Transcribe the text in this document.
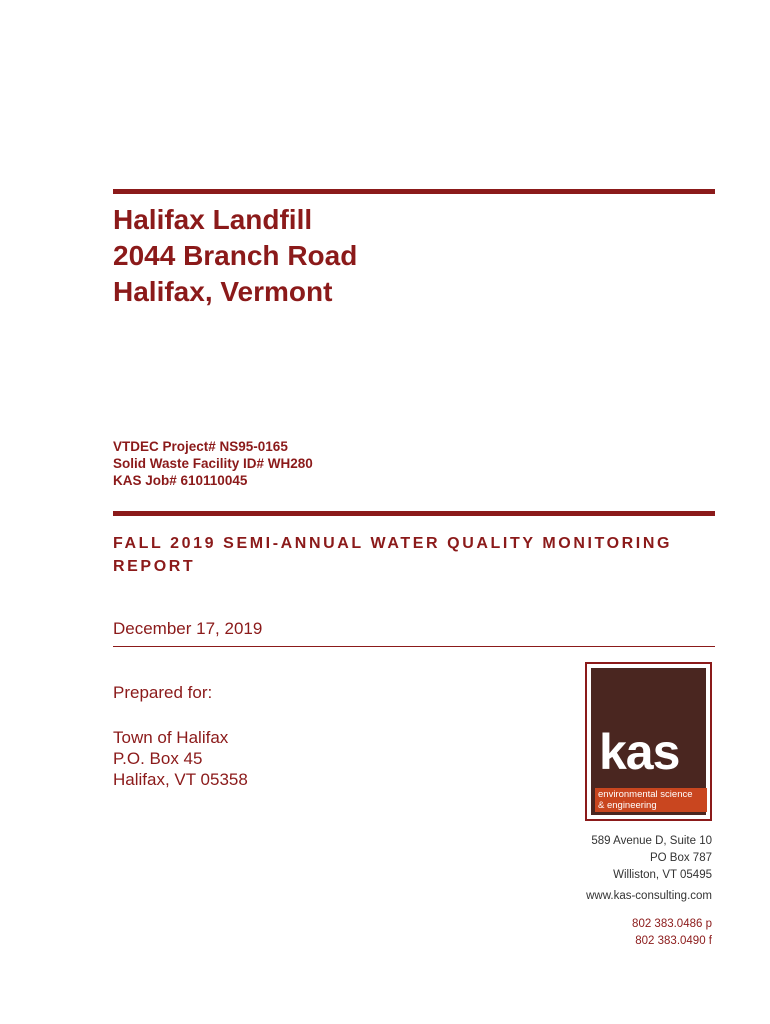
Halifax Landfill
2044 Branch Road
Halifax, Vermont
VTDEC Project# NS95-0165
Solid Waste Facility ID# WH280
KAS Job# 610110045
FALL 2019 SEMI-ANNUAL WATER QUALITY MONITORING REPORT
December 17, 2019
Prepared for:
Town of Halifax
P.O. Box 45
Halifax, VT 05358	kas
environmental science
& engineering
589 Avenue D, Suite 10
PO Box 787
Williston, VT 05495
www.kas-consulting.com
802 383.0486 p
802 383.0490 f
